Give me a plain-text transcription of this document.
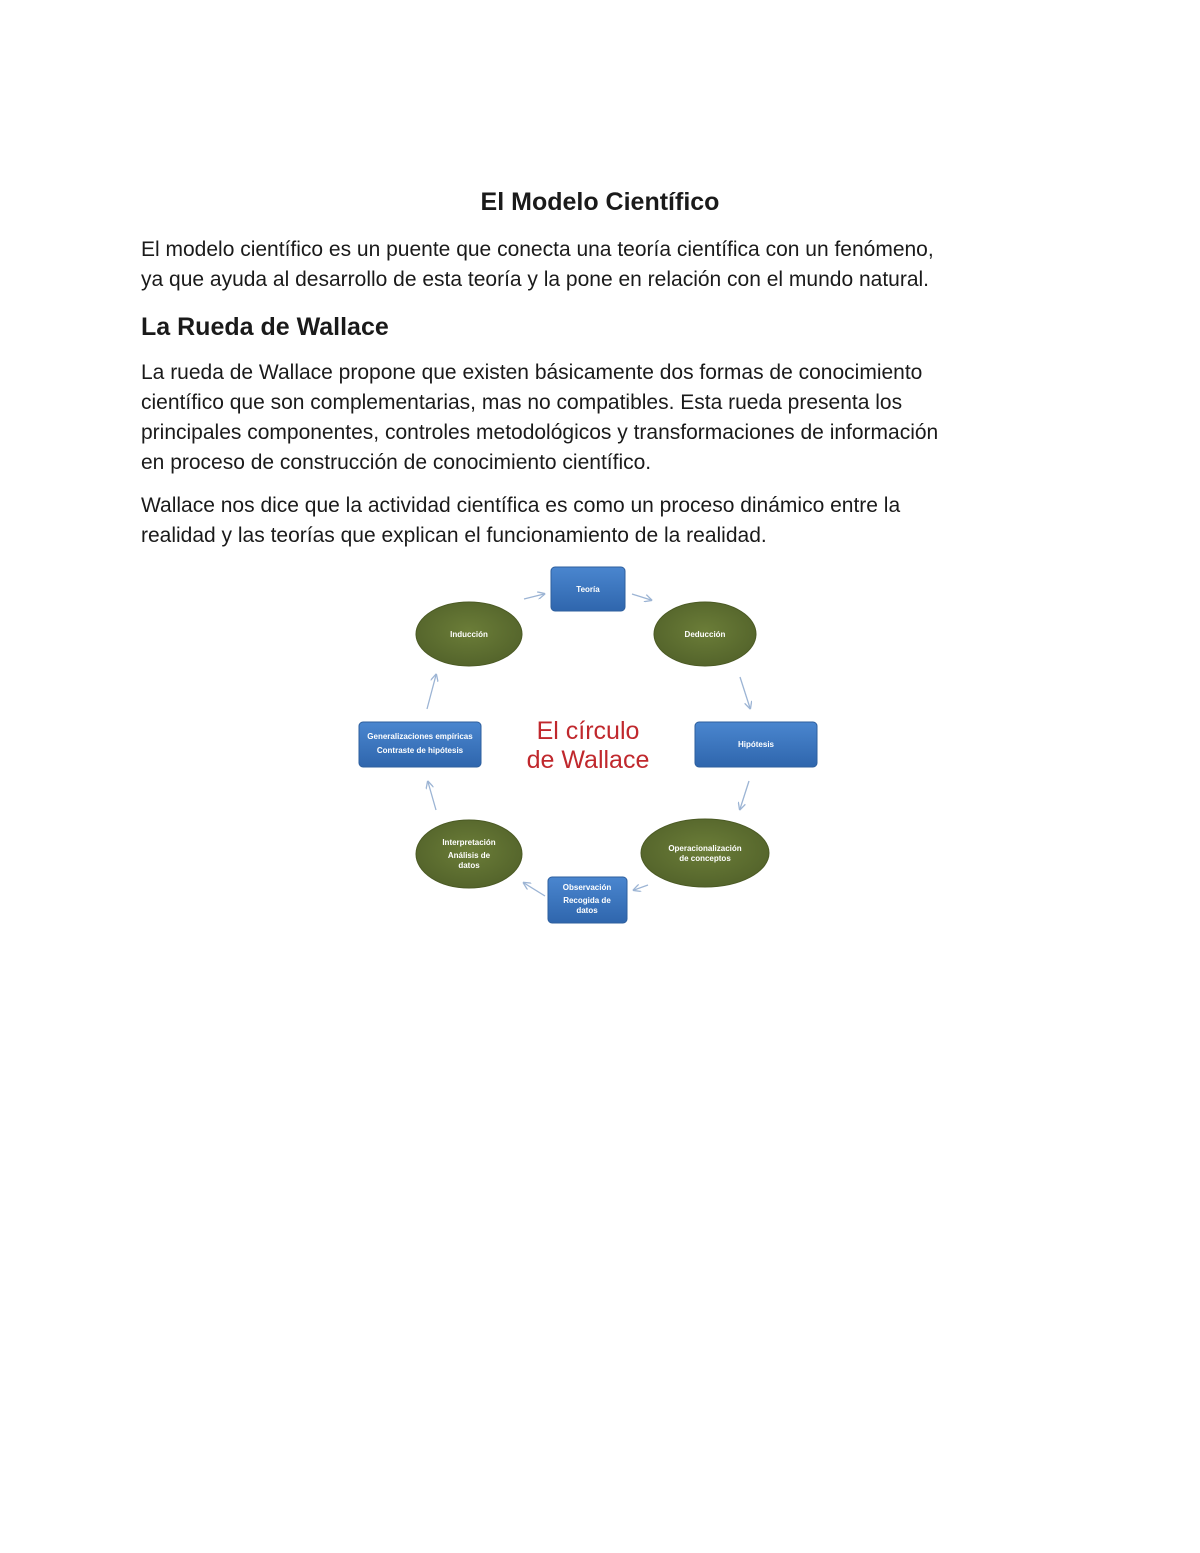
El Modelo Científico

El modelo científico es un puente que conecta una teoría científica con un fenómeno,
ya que ayuda al desarrollo de esta teoría y la pone en relación con el mundo natural.

La Rueda de Wallace

La rueda de Wallace propone que existen básicamente dos formas de conocimiento
científico que son complementarias, mas no compatibles. Esta rueda presenta los
principales componentes, controles metodológicos y transformaciones de información
en proceso de construcción de conocimiento científico.

Wallace nos dice que la actividad científica es como un proceso dinámico entre la
realidad y las teorías que explican el funcionamiento de la realidad.

Teoría
Deducción
Hipótesis
Operacionalización
de conceptos
Observación
Recogida de
datos
Interpretación
Análisis de
datos
Generalizaciones empíricas
Contraste de hipótesis
Inducción
El círculo
de Wallace
